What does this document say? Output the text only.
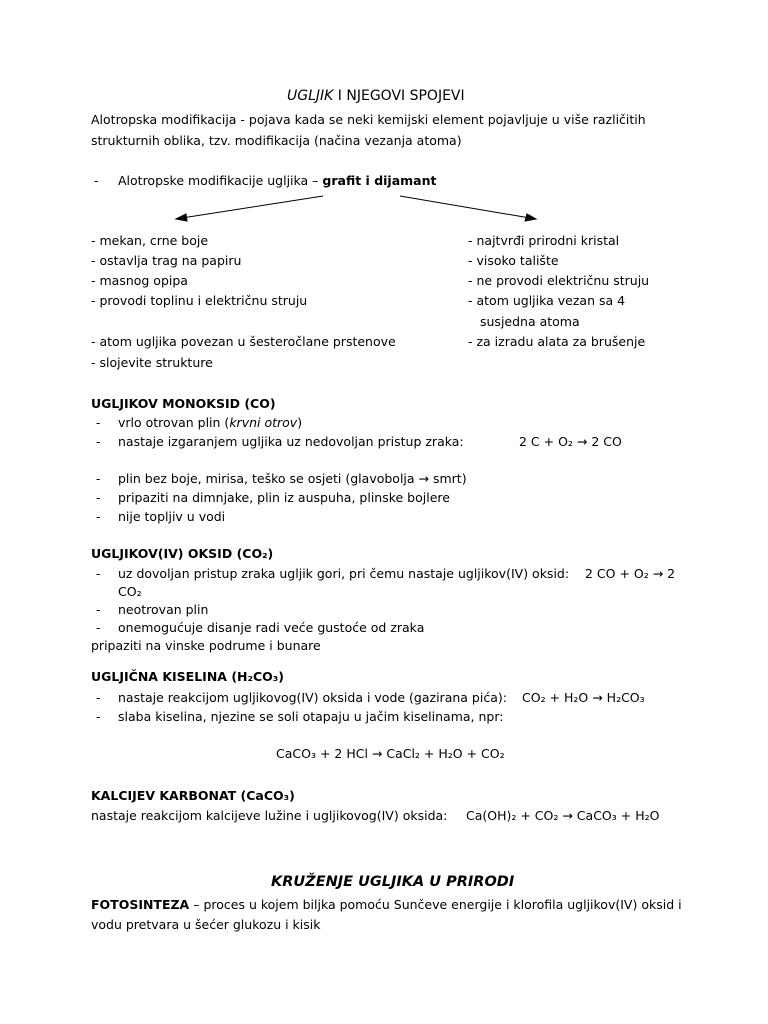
UGLJIK I NJEGOVI SPOJEVI
Alotropska modifikacija - pojava kada se neki kemijski element pojavljuje u više različitih
strukturnih oblika, tzv. modifikacija (načina vezanja atoma)
- Alotropske modifikacije ugljika – grafit i dijamant
- mekan, crne boje
- ostavlja trag na papiru
- masnog opipa
- provodi toplinu i električnu struju
- atom ugljika povezan u šesteročlane prstenove
- slojevite strukture
- najtvrđi prirodni kristal
- visoko talište
- ne provodi električnu struju
- atom ugljika vezan sa 4
susjedna atoma
- za izradu alata za brušenje
UGLJIKOV MONOKSID (CO)
- vrlo otrovan plin (krvni otrov)
- nastaje izgaranjem ugljika uz nedovoljan pristup zraka:	2 C + O₂ → 2 CO
- plin bez boje, mirisa, teško se osjeti (glavobolja → smrt)
- pripaziti na dimnjake, plin iz auspuha, plinske bojlere
- nije topljiv u vodi
UGLJIKOV(IV) OKSID (CO₂)
- uz dovoljan pristup zraka ugljik gori, pri čemu nastaje ugljikov(IV) oksid: 2 CO + O₂ → 2
CO₂
- neotrovan plin
- onemogućuje disanje radi veće gustoće od zraka
pripaziti na vinske podrume i bunare
UGLJIČNA KISELINA (H₂CO₃)
- nastaje reakcijom ugljikovog(IV) oksida i vode (gazirana pića): CO₂ + H₂O → H₂CO₃
- slaba kiselina, njezine se soli otapaju u jačim kiselinama, npr:
CaCO₃ + 2 HCl → CaCl₂ + H₂O + CO₂
KALCIJEV KARBONAT (CaCO₃)
nastaje reakcijom kalcijeve lužine i ugljikovog(IV) oksida: Ca(OH)₂ + CO₂ → CaCO₃ + H₂O
KRUŽENJE UGLJIKA U PRIRODI
FOTOSINTEZA – proces u kojem biljka pomoću Sunčeve energije i klorofila ugljikov(IV) oksid i
vodu pretvara u šećer glukozu i kisik
